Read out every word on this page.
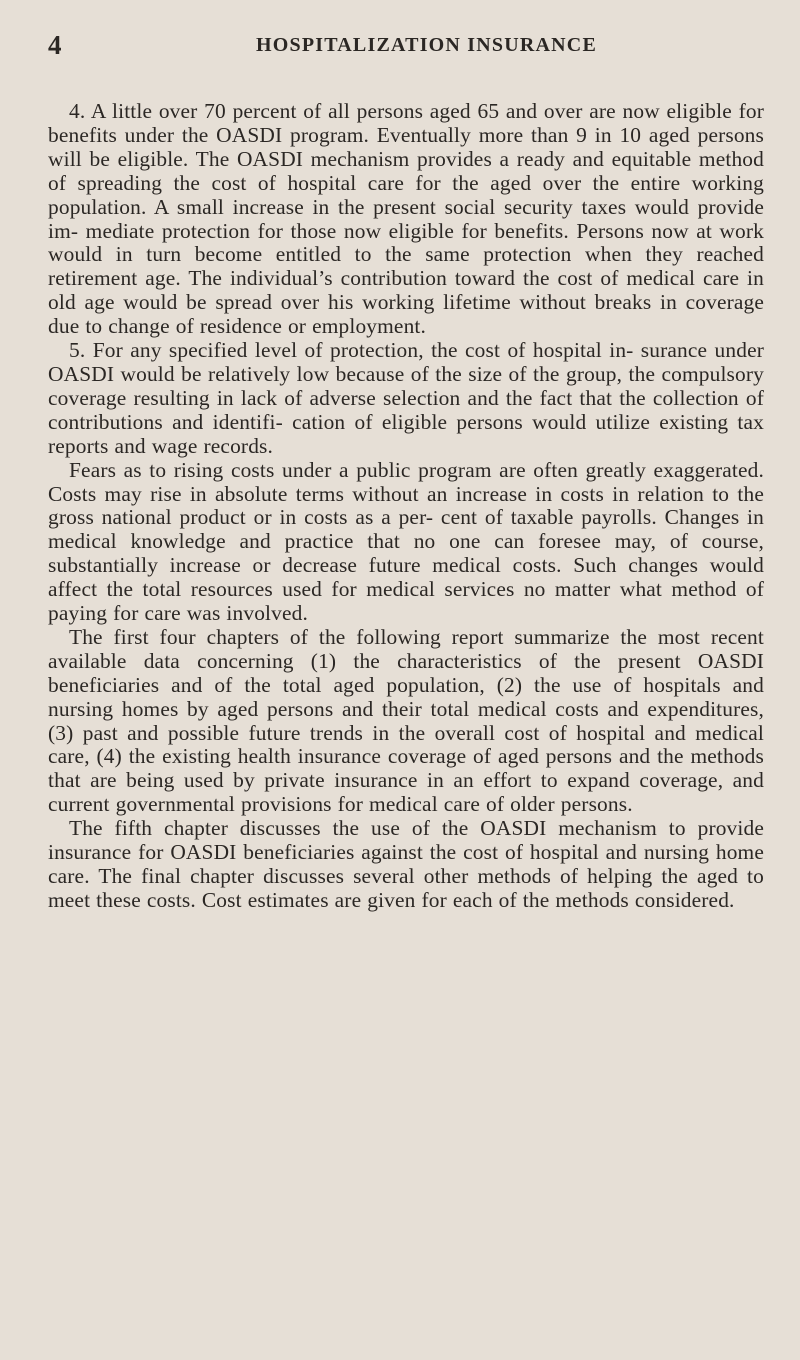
4	HOSPITALIZATION INSURANCE

4. A little over 70 percent of all persons aged 65 and over are now eligible for benefits under the OASDI program. Eventually more than 9 in 10 aged persons will be eligible. The OASDI mechanism provides a ready and equitable method of spreading the cost of hospital care for the aged over the entire working population. A small increase in the present social security taxes would provide im- mediate protection for those now eligible for benefits. Persons now at work would in turn become entitled to the same protection when they reached retirement age. The individual’s contribution toward the cost of medical care in old age would be spread over his working lifetime without breaks in coverage due to change of residence or employment.

5. For any specified level of protection, the cost of hospital in- surance under OASDI would be relatively low because of the size of the group, the compulsory coverage resulting in lack of adverse selection and the fact that the collection of contributions and identifi- cation of eligible persons would utilize existing tax reports and wage records.

Fears as to rising costs under a public program are often greatly exaggerated. Costs may rise in absolute terms without an increase in costs in relation to the gross national product or in costs as a per- cent of taxable payrolls. Changes in medical knowledge and practice that no one can foresee may, of course, substantially increase or decrease future medical costs. Such changes would affect the total resources used for medical services no matter what method of paying for care was involved.

The first four chapters of the following report summarize the most recent available data concerning (1) the characteristics of the present OASDI beneficiaries and of the total aged population, (2) the use of hospitals and nursing homes by aged persons and their total medical costs and expenditures, (3) past and possible future trends in the overall cost of hospital and medical care, (4) the existing health insurance coverage of aged persons and the methods that are being used by private insurance in an effort to expand coverage, and current governmental provisions for medical care of older persons.

The fifth chapter discusses the use of the OASDI mechanism to provide insurance for OASDI beneficiaries against the cost of hospital and nursing home care. The final chapter discusses several other methods of helping the aged to meet these costs. Cost estimates are given for each of the methods considered.
